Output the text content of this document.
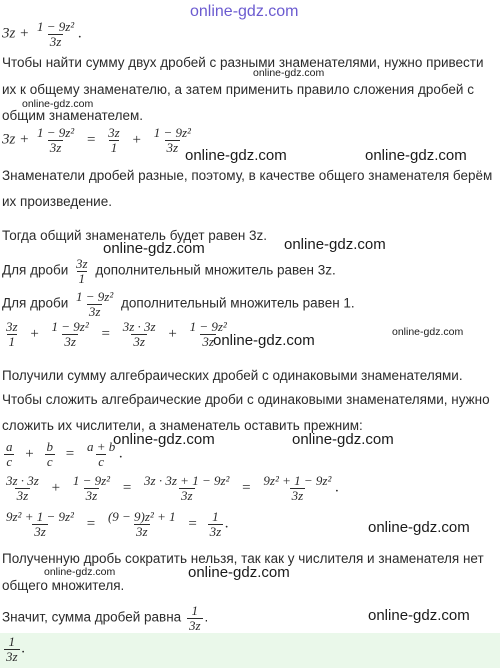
online-gdz.com
$3z + \frac{\text{1 − 9z²}}{3z}$ .
Чтобы найти сумму двух дробей с разными знаменателями, нужно привести
online-gdz.com
их к общему знаменателю, а затем применить правило сложения дробей с
online-gdz.com
общим знаменателем.
$3z + \frac{\text{1 − 9z²}}{3z} = \frac{3z}{1} + \frac{\text{1 − 9z²}}{3z}$
online-gdz.com	online-gdz.com
Знаменатели дробей разные, поэтому, в качестве общего знаменателя берём
их произведение.
Тогда общий знаменатель будет равен 3z.
online-gdz.com	online-gdz.com
Для дроби $\frac{3z}{1}$ дополнительный множитель равен 3z.
Для дроби $\frac{\text{1 − 9z²}}{3z}$ дополнительный множитель равен 1.
$\frac{3z}{1} + \frac{\text{1 − 9z²}}{3z} = \frac{3z \cdot 3z}{3z} + \frac{\text{1 − 9z²}}{3z}$	online-gdz.com
online-gdz.com
Получили сумму алгебраических дробей с одинаковыми знаменателями.
Чтобы сложить алгебраические дроби с одинаковыми знаменателями, нужно
сложить их числители, а знаменатель оставить прежним:
online-gdz.com	online-gdz.com
$\frac{a}{c} + \frac{b}{c} = \frac{a + b}{c}$ .
$\frac{3z \cdot 3z}{3z} + \frac{\text{1 − 9z²}}{3z} = \frac{\text{3z · 3z + 1 − 9z²}}{3z} = \frac{\text{9z² + 1 − 9z²}}{3z}$ .
$\frac{\text{9z² + 1 − 9z²}}{3z} = \frac{\text{(9 − 9)z² + 1}}{3z} = \frac{1}{3z}$ .	online-gdz.com
Полученную дробь сократить нельзя, так как у числителя и знаменателя нет
online-gdz.com	online-gdz.com
общего множителя.
Значит, сумма дробей равна $\frac{1}{3z}$ .	online-gdz.com
$\frac{1}{3z}$ .
